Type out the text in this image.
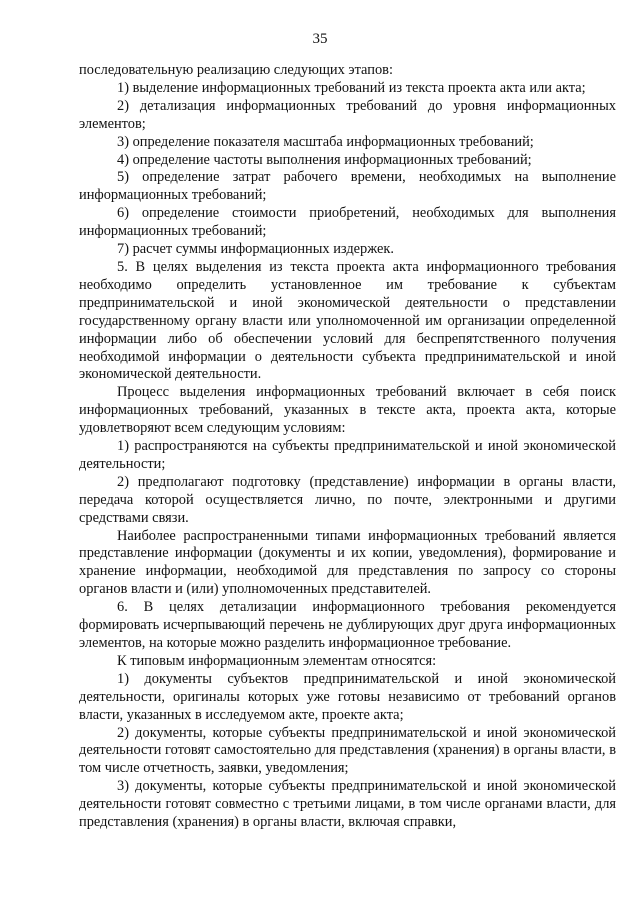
35

последовательную реализацию следующих этапов:

1) выделение информационных требований из текста проекта акта или акта;

2) детализация информационных требований до уровня информационных элементов;

3) определение показателя масштаба информационных требований;

4) определение частоты выполнения информационных требований;

5) определение затрат рабочего времени, необходимых на выполнение информационных требований;

6) определение стоимости приобретений, необходимых для выполнения информационных требований;

7) расчет суммы информационных издержек.

5. В целях выделения из текста проекта акта информационного требования необходимо определить установленное им требование к субъектам предпринимательской и иной экономической деятельности о представлении государственному органу власти или уполномоченной им организации определенной информации либо об обеспечении условий для беспрепятственного получения необходимой информации о деятельности субъекта предпринимательской и иной экономической деятельности.

Процесс выделения информационных требований включает в себя поиск информационных требований, указанных в тексте акта, проекта акта, которые удовлетворяют всем следующим условиям:

1) распространяются на субъекты предпринимательской и иной экономической деятельности;

2) предполагают подготовку (представление) информации в органы власти, передача которой осуществляется лично, по почте, электронными и другими средствами связи.

Наиболее распространенными типами информационных требований является представление информации (документы и их копии, уведомления), формирование и хранение информации, необходимой для представления по запросу со стороны органов власти и (или) уполномоченных представителей.

6. В целях детализации информационного требования рекомендуется формировать исчерпывающий перечень не дублирующих друг друга информационных элементов, на которые можно разделить информационное требование.

К типовым информационным элементам относятся:

1) документы субъектов предпринимательской и иной экономической деятельности, оригиналы которых уже готовы независимо от требований органов власти, указанных в исследуемом акте, проекте акта;

2) документы, которые субъекты предпринимательской и иной экономической деятельности готовят самостоятельно для представления (хранения) в органы власти, в том числе отчетность, заявки, уведомления;

3) документы, которые субъекты предпринимательской и иной экономической деятельности готовят совместно с третьими лицами, в том числе органами власти, для представления (хранения) в органы власти, включая справки,
